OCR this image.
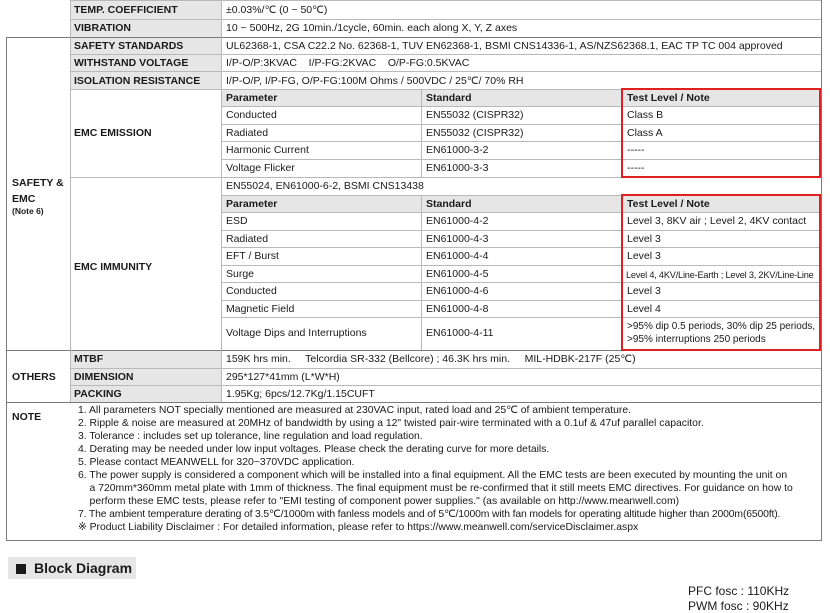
TEMP. COEFFICIENT	±0.03%/℃ (0 ~ 50℃)
VIBRATION	10 ~ 500Hz, 2G 10min./1cycle, 60min. each along X, Y, Z axes
SAFETY &
EMC
(Note 6)
SAFETY STANDARDS	UL62368-1, CSA C22.2 No. 62368-1, TUV EN62368-1, BSMI CNS14336-1, AS/NZS62368.1, EAC TP TC 004 approved
WITHSTAND VOLTAGE	I/P-O/P:3KVAC    I/P-FG:2KVAC    O/P-FG:0.5KVAC
ISOLATION RESISTANCE I/P-O/P, I/P-FG, O/P-FG:100M Ohms / 500VDC / 25℃/ 70% RH
EMC EMISSION
Parameter	Standard	Test Level / Note
Conducted	EN55032 (CISPR32)	Class B
Radiated	EN55032 (CISPR32)	Class A
Harmonic Current	EN61000-3-2	-----
Voltage Flicker	EN61000-3-3	-----
EMC IMMUNITY
EN55024, EN61000-6-2, BSMI CNS13438
Parameter	Standard	Test Level / Note
ESD	EN61000-4-2	Level 3, 8KV air ; Level 2, 4KV contact
Radiated	EN61000-4-3	Level 3
EFT / Burst	EN61000-4-4	Level 3
Surge	EN61000-4-5	Level 4, 4KV/Line-Earth ; Level 3, 2KV/Line-Line
Conducted	EN61000-4-6	Level 3
Magnetic Field	EN61000-4-8	Level 4
Voltage Dips and Interruptions	EN61000-4-11
>95% dip 0.5 periods, 30% dip 25 periods,
>95% interruptions 250 periods
OTHERS
MTBF	159K hrs min.     Telcordia SR-332 (Bellcore) ; 46.3K hrs min.     MIL-HDBK-217F (25℃)
DIMENSION	295*127*41mm (L*W*H)
PACKING	1.95Kg; 6pcs/12.7Kg/1.15CUFT
NOTE
1. All parameters NOT specially mentioned are measured at 230VAC input, rated load and 25℃ of ambient temperature.
2. Ripple & noise are measured at 20MHz of bandwidth by using a 12" twisted pair-wire terminated with a 0.1uf & 47uf parallel capacitor.
3. Tolerance : includes set up tolerance, line regulation and load regulation.
4. Derating may be needed under low input voltages. Please check the derating curve for more details.
5. Please contact MEANWELL for 320~370VDC application.
6. The power supply is considered a component which will be installed into a final equipment. All the EMC tests are been executed by mounting the unit on
a 720mm*360mm metal plate with 1mm of thickness. The final equipment must be re-confirmed that it still meets EMC directives. For guidance on how to
perform these EMC tests, please refer to "EMI testing of component power supplies." (as available on http://www.meanwell.com)
7. The ambient temperature derating of 3.5℃/1000m with fanless models and of 5℃/1000m with fan models for operating altitude higher than 2000m(6500ft).
※ Product Liability Disclaimer : For detailed information, please refer to https://www.meanwell.com/serviceDisclaimer.aspx
Block Diagram
PFC fosc : 110KHz
PWM fosc : 90KHz
